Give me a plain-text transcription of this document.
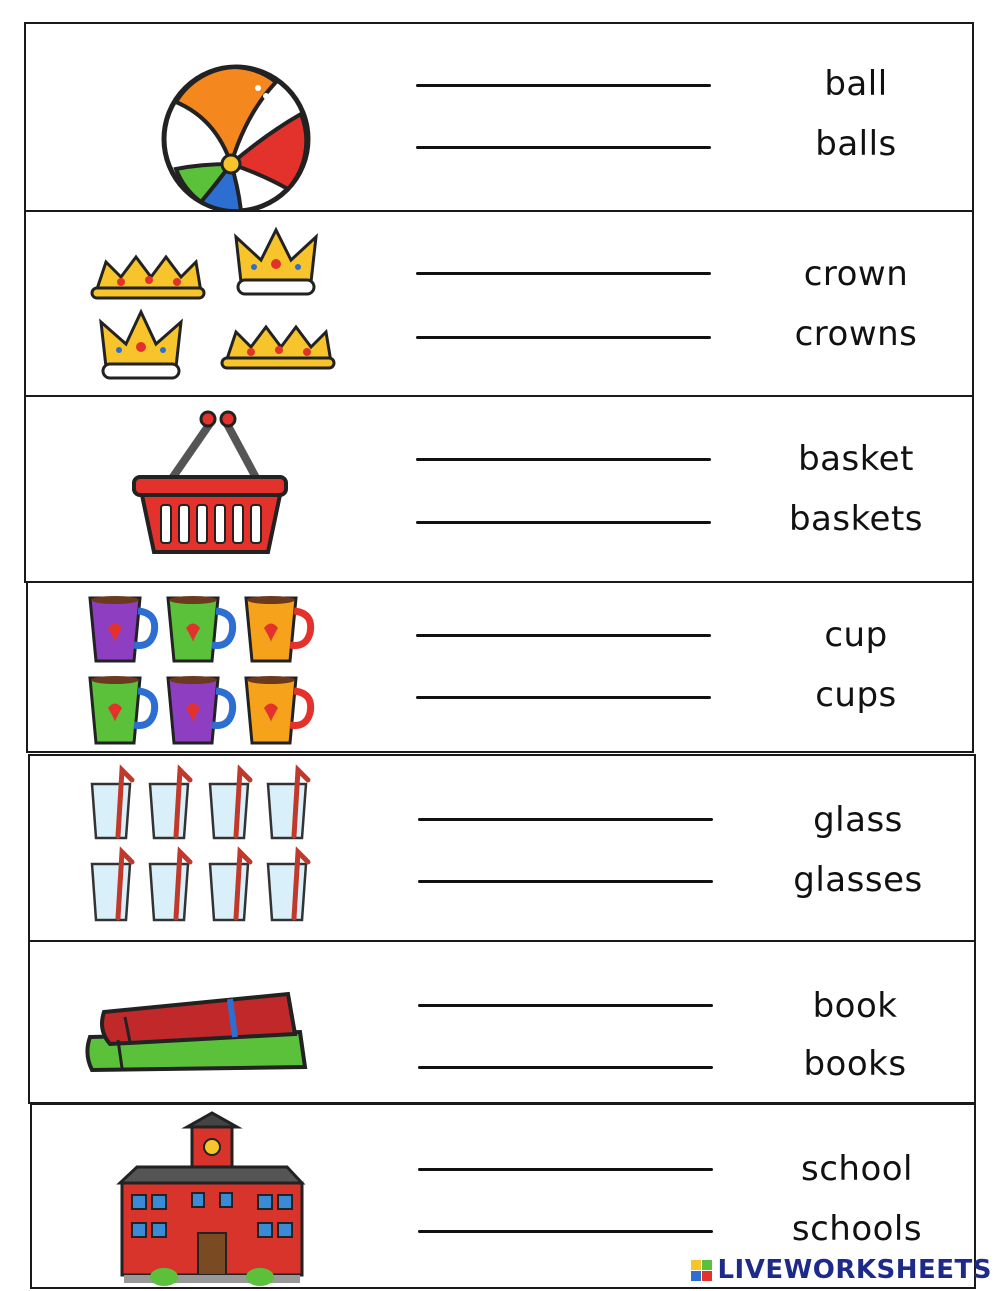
ball
balls
crown
crowns
basket
baskets
cup
cups
glass
glasses
book
books
school
schools
LIVEWORKSHEETS
